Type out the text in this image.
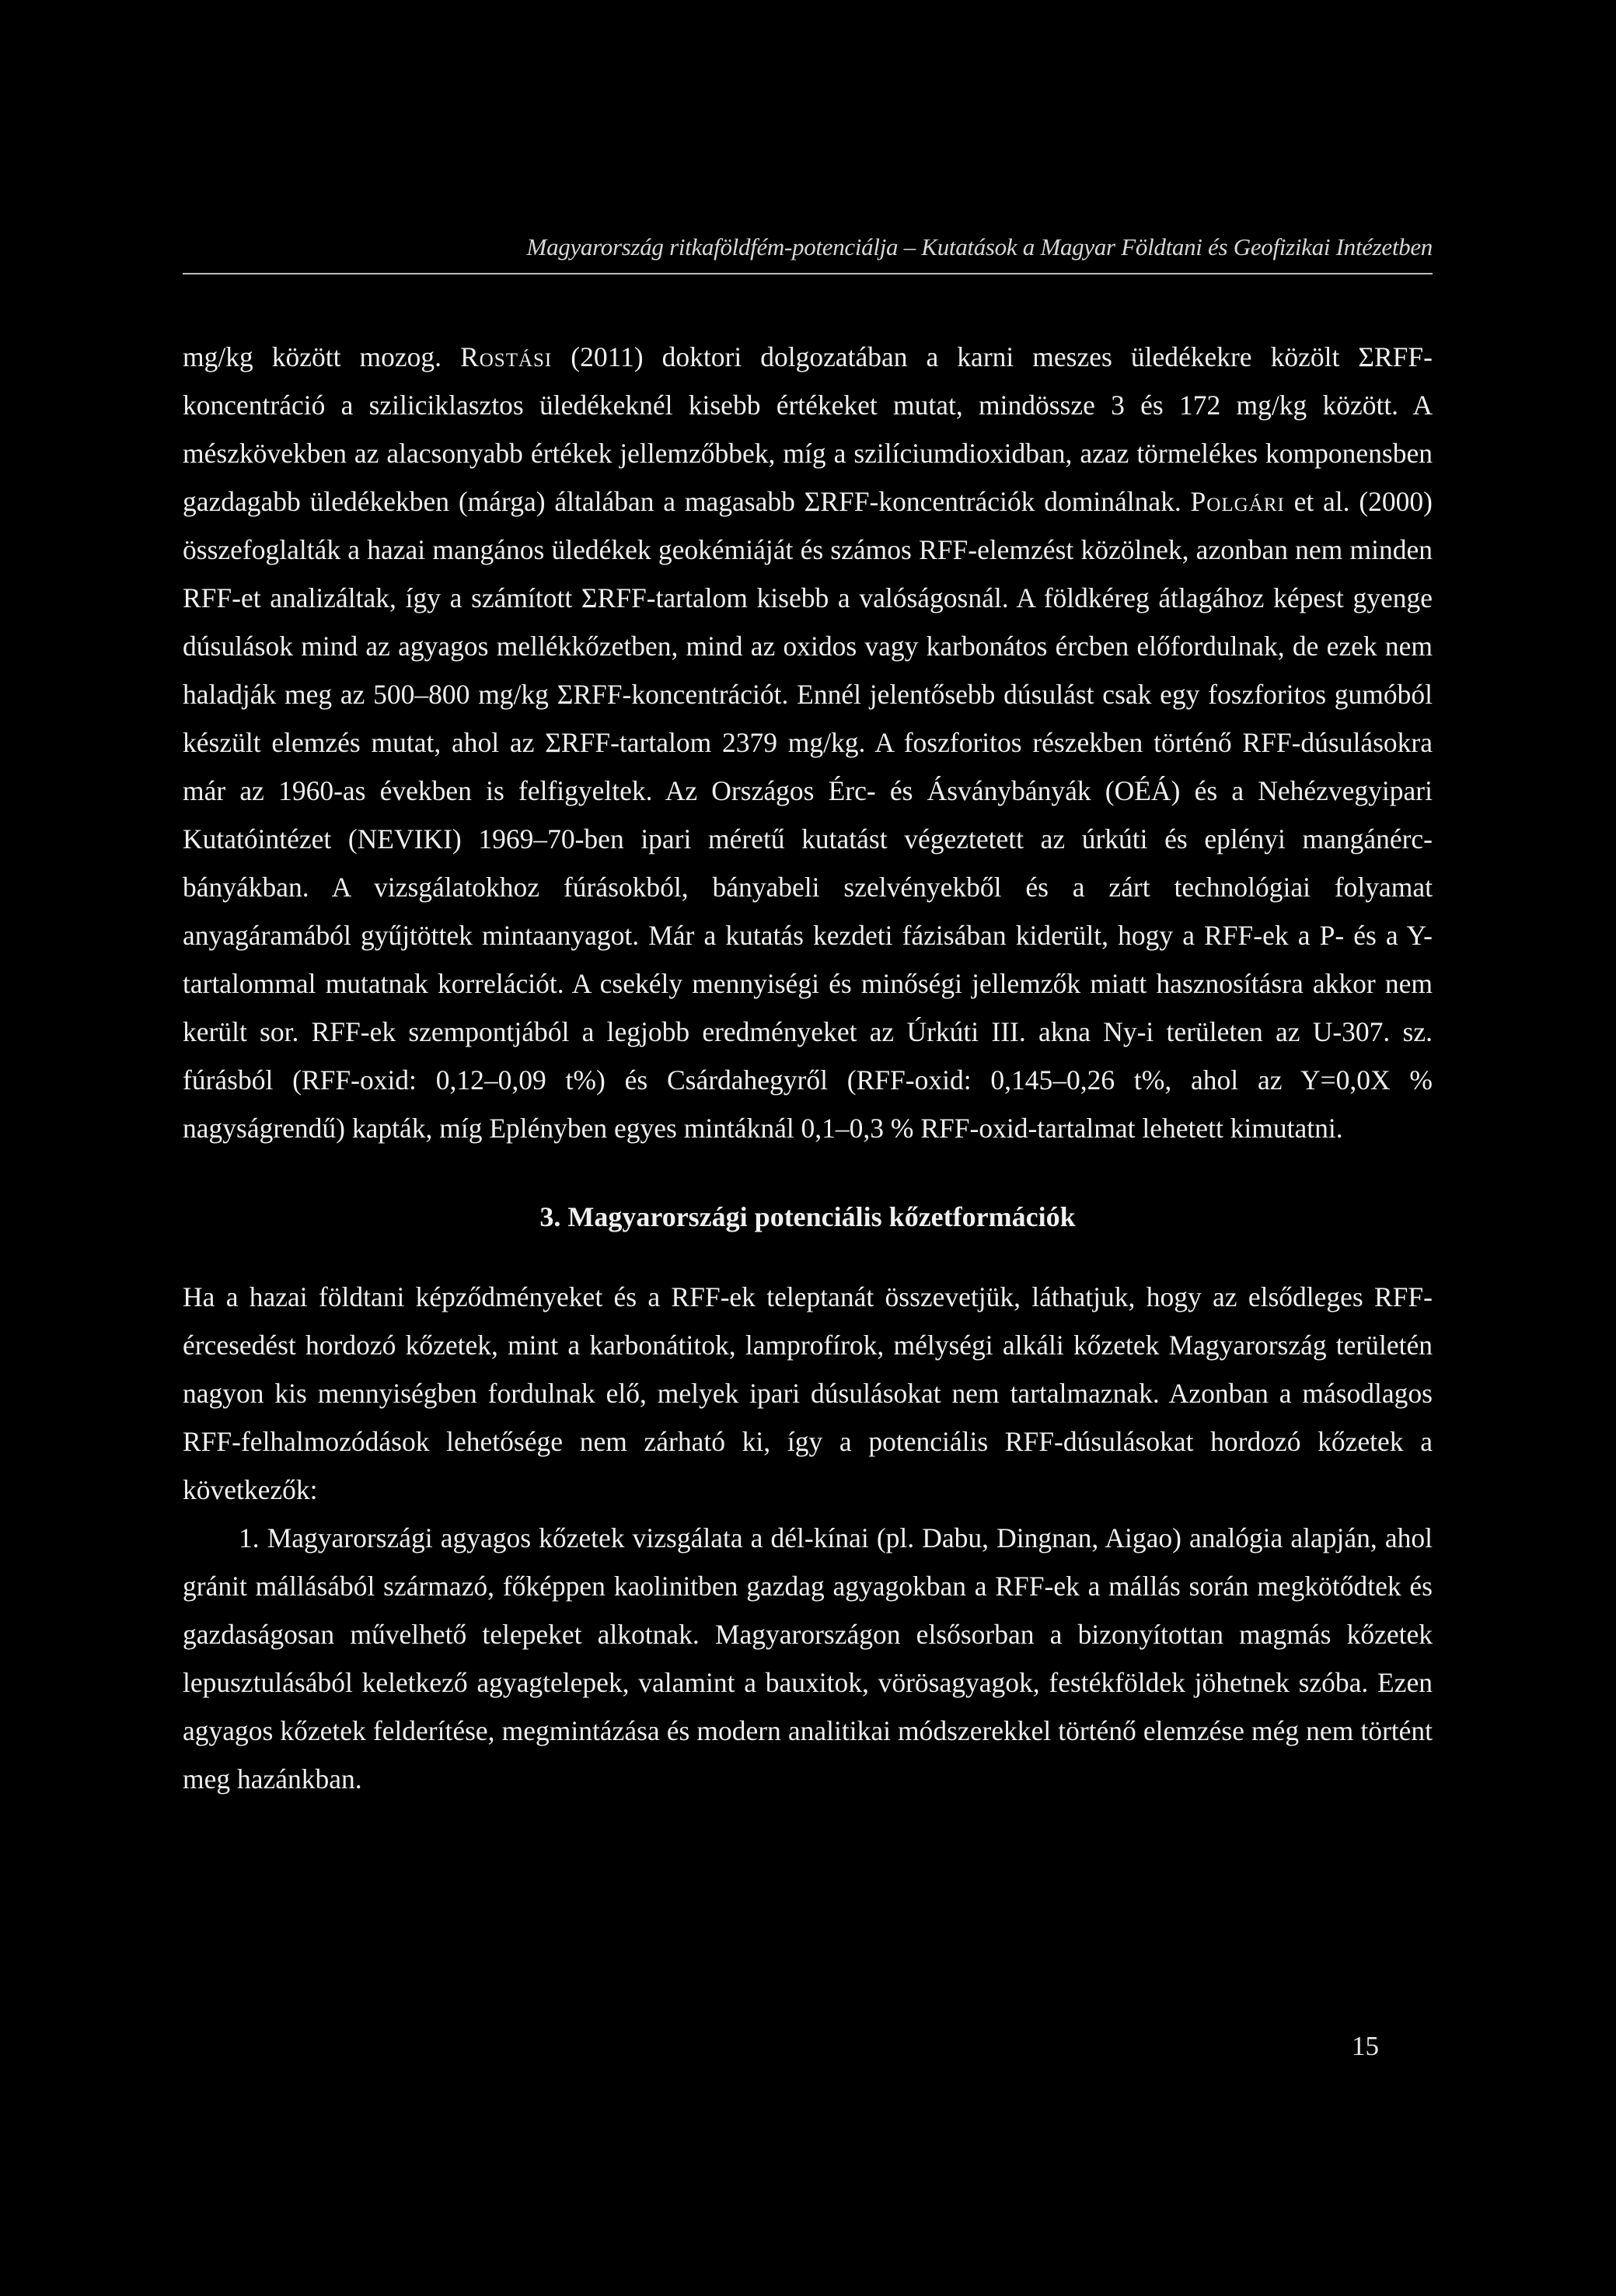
Magyarország ritkaföldfém-potenciálja – Kutatások a Magyar Földtani és Geofizikai Intézetben

mg/kg között mozog. Rostási (2011) doktori dolgozatában a karni meszes üledékekre közölt ΣRFF-koncentráció a sziliciklasztos üledékeknél kisebb értékeket mutat, mindössze 3 és 172 mg/kg között. A mészkövekben az alacsonyabb értékek jellemzőbbek, míg a szilíciumdioxidban, azaz törmelékes komponensben gazdagabb üledékekben (márga) általában a magasabb ΣRFF-koncentrációk dominálnak. Polgári et al. (2000) összefoglalták a hazai mangános üledékek geokémiáját és számos RFF-elemzést közölnek, azonban nem minden RFF-et analizáltak, így a számított ΣRFF-tartalom kisebb a valóságosnál. A földkéreg átlagához képest gyenge dúsulások mind az agyagos mellékkőzetben, mind az oxidos vagy karbonátos ércben előfordulnak, de ezek nem haladják meg az 500–800 mg/kg ΣRFF-koncentrációt. Ennél jelentősebb dúsulást csak egy foszforitos gumóból készült elemzés mutat, ahol az ΣRFF-tartalom 2379 mg/kg. A foszforitos részekben történő RFF-dúsulásokra már az 1960-as években is felfigyeltek. Az Országos Érc- és Ásványbányák (OÉÁ) és a Nehézvegyipari Kutatóintézet (NEVIKI) 1969–70-ben ipari méretű kutatást végeztetett az úrkúti és eplényi mangánérc-bányákban. A vizsgálatokhoz fúrásokból, bányabeli szelvényekből és a zárt technológiai folyamat anyagáramából gyűjtöttek mintaanyagot. Már a kutatás kezdeti fázisában kiderült, hogy a RFF-ek a P- és a Y-tartalommal mutatnak korrelációt. A csekély mennyiségi és minőségi jellemzők miatt hasznosításra akkor nem került sor. RFF-ek szempontjából a legjobb eredményeket az Úrkúti III. akna Ny-i területen az U-307. sz. fúrásból (RFF-oxid: 0,12–0,09 t%) és Csárdahegyről (RFF-oxid: 0,145–0,26 t%, ahol az Y=0,0X % nagyságrendű) kapták, míg Eplényben egyes mintáknál 0,1–0,3 % RFF-oxid-tartalmat lehetett kimutatni.

3. Magyarországi potenciális kőzetformációk

Ha a hazai földtani képződményeket és a RFF-ek teleptanát összevetjük, láthatjuk, hogy az elsődleges RFF-ércesedést hordozó kőzetek, mint a karbonátitok, lamprofírok, mélységi alkáli kőzetek Magyarország területén nagyon kis mennyiségben fordulnak elő, melyek ipari dúsulásokat nem tartalmaznak. Azonban a másodlagos RFF-felhalmozódások lehetősége nem zárható ki, így a potenciális RFF-dúsulásokat hordozó kőzetek a következők:

1. Magyarországi agyagos kőzetek vizsgálata a dél-kínai (pl. Dabu, Dingnan, Aigao) analógia alapján, ahol gránit mállásából származó, főképpen kaolinitben gazdag agyagokban a RFF-ek a mállás során megkötődtek és gazdaságosan művelhető telepeket alkotnak. Magyarországon elsősorban a bizonyítottan magmás kőzetek lepusztulásából keletkező agyagtelepek, valamint a bauxitok, vörösagyagok, festékföldek jöhetnek szóba. Ezen agyagos kőzetek felderítése, megmintázása és modern analitikai módszerekkel történő elemzése még nem történt meg hazánkban.

15
